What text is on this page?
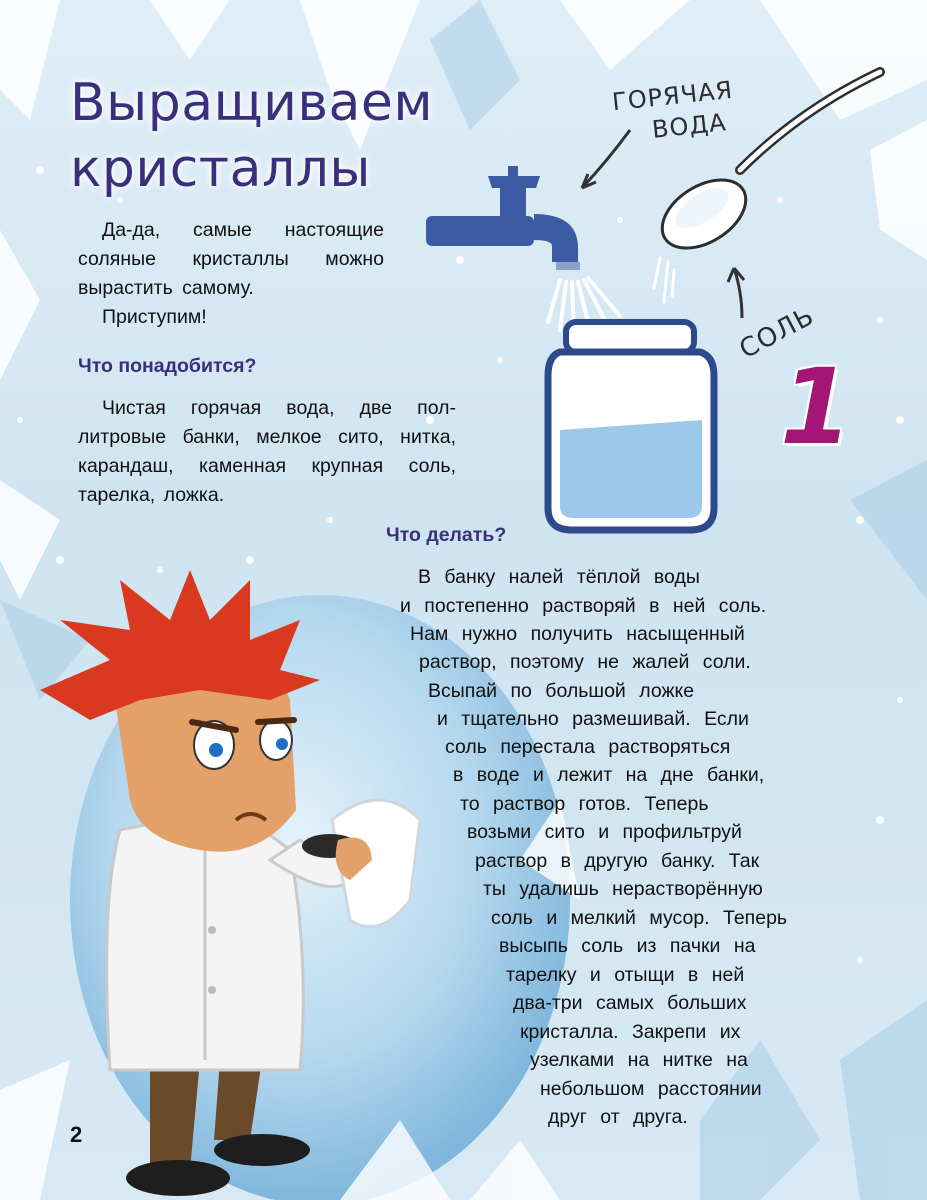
Выращиваем
кристаллы

Да-да, самые настоящие соляные кристаллы можно вырастить самому.

Приступим!

Что понадобится?

Чистая горячая вода, две пол-литровые банки, мелкое сито, нитка, карандаш, каменная крупная соль, тарелка, ложка.

ГОРЯЧАЯ
ВОДА
СОЛЬ
1
Что делать?
В банку налей тёплой воды
и постепенно растворяй в ней соль.
Нам нужно получить насыщенный
раствор, поэтому не жалей соли.
Всыпай по большой ложке
и тщательно размешивай. Если
соль перестала растворяться
в воде и лежит на дне банки,
то раствор готов. Теперь
возьми сито и профильтруй
раствор в другую банку. Так
ты удалишь нерастворённую
соль и мелкий мусор. Теперь
высыпь соль из пачки на
тарелку и отыщи в ней
два-три самых больших
кристалла. Закрепи их
узелками на нитке на
небольшом расстоянии
друг от друга.
2
